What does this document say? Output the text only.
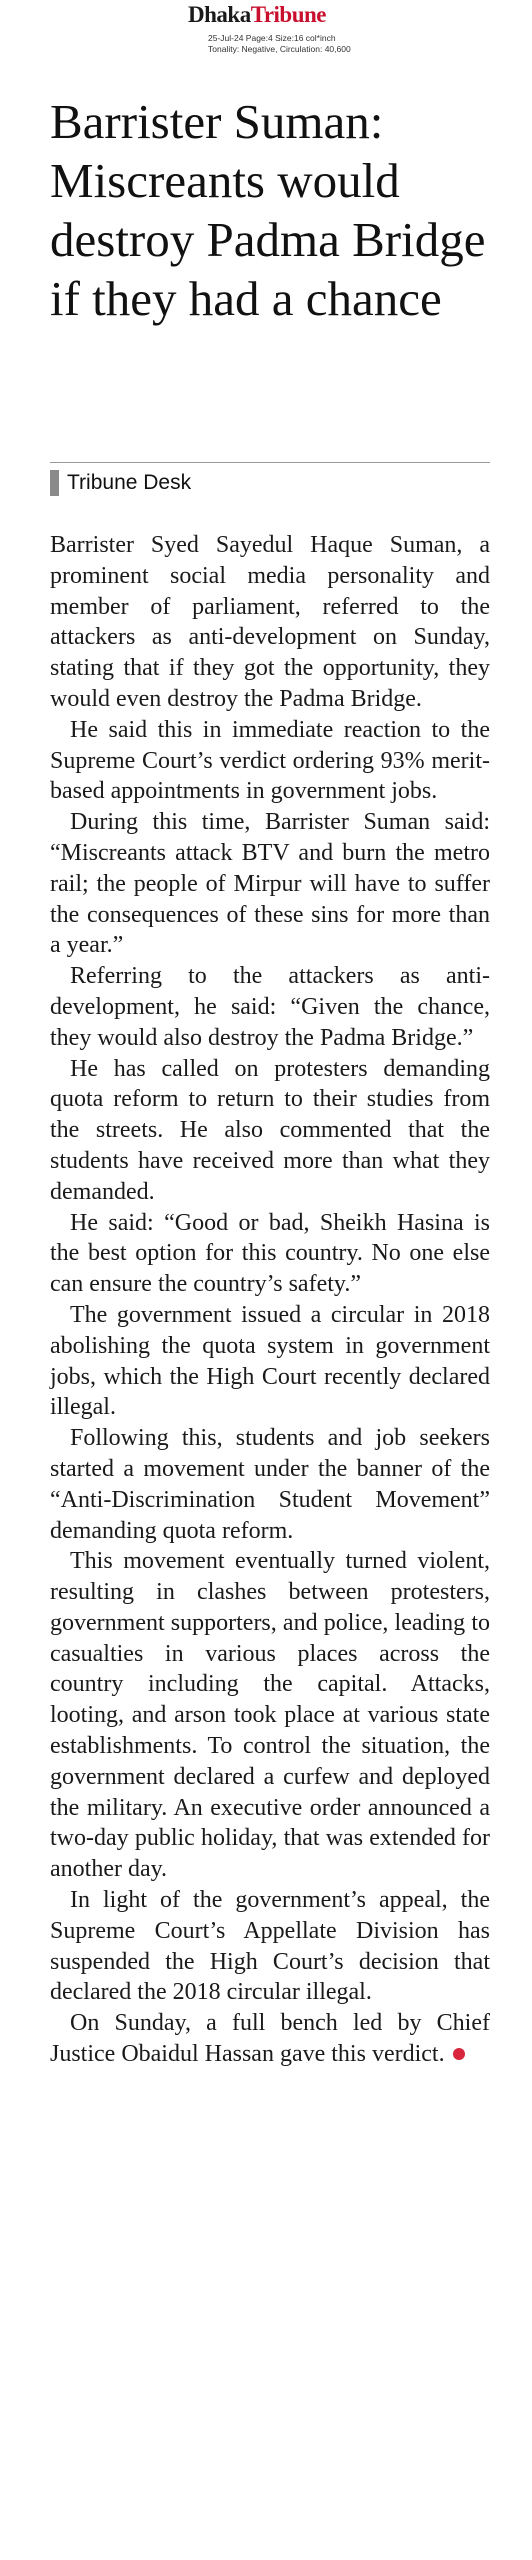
DhakaTribune
25-Jul-24 Page:4 Size:16 col*inch
Tonality: Negative, Circulation: 40,600
Barrister Suman: Miscreants would destroy Padma Bridge if they had a chance
Tribune Desk

Barrister Syed Sayedul Haque Suman, a prominent social media personality and member of parliament, referred to the attackers as anti-development on Sunday, stating that if they got the opportunity, they would even destroy the Padma Bridge.

He said this in immediate reaction to the Supreme Court’s verdict ordering 93% merit-based appointments in government jobs.

During this time, Barrister Suman said: “Miscreants attack BTV and burn the metro rail; the people of Mirpur will have to suffer the consequences of these sins for more than a year.”

Referring to the attackers as anti-development, he said: “Given the chance, they would also destroy the Padma Bridge.”

He has called on protesters demanding quota reform to return to their studies from the streets. He also commented that the students have received more than what they demanded.

He said: “Good or bad, Sheikh Hasina is the best option for this country. No one else can ensure the country’s safety.”

The government issued a circular in 2018 abolishing the quota system in government jobs, which the High Court recently declared illegal.

Following this, students and job seekers started a movement under the banner of the “Anti-Discrimination Student Movement” demanding quota reform.

This movement eventually turned violent, resulting in clashes between protesters, government supporters, and police, leading to casualties in various places across the country including the capital. Attacks, looting, and arson took place at various state establishments. To control the situation, the government declared a curfew and deployed the military. An executive order announced a two-day public holiday, that was extended for another day.

In light of the government’s appeal, the Supreme Court’s Appellate Division has suspended the High Court’s decision that declared the 2018 circular illegal.

On Sunday, a full bench led by Chief Justice Obaidul Hassan gave this verdict.
